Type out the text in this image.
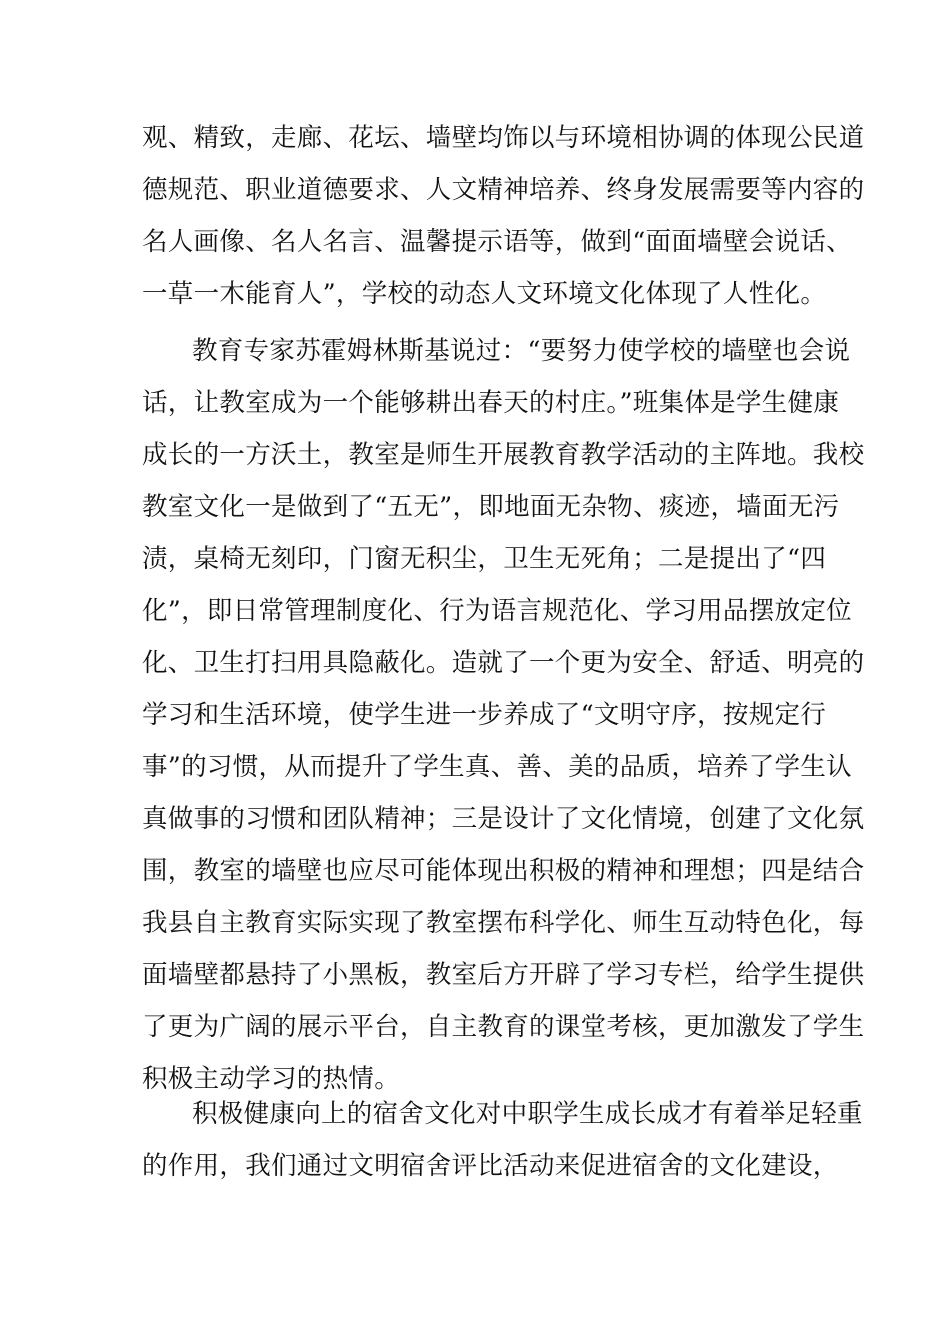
观、精致，走廊、花坛、墙壁均饰以与环境相协调的体现公民道
德规范、职业道德要求、人文精神培养、终身发展需要等内容的
名人画像、名人名言、温馨提示语等，做到“面面墙壁会说话、
一草一木能育人”，学校的动态人文环境文化体现了人性化。
教育专家苏霍姆林斯基说过：“要努力使学校的墙壁也会说
话，让教室成为一个能够耕出春天的村庄。”班集体是学生健康
成长的一方沃土，教室是师生开展教育教学活动的主阵地。我校
教室文化一是做到了“五无”，即地面无杂物、痰迹，墙面无污
渍，桌椅无刻印，门窗无积尘，卫生无死角；二是提出了“四
化”，即日常管理制度化、行为语言规范化、学习用品摆放定位
化、卫生打扫用具隐蔽化。造就了一个更为安全、舒适、明亮的
学习和生活环境，使学生进一步养成了“文明守序，按规定行
事”的习惯，从而提升了学生真、善、美的品质，培养了学生认
真做事的习惯和团队精神；三是设计了文化情境，创建了文化氛
围，教室的墙壁也应尽可能体现出积极的精神和理想；四是结合
我县自主教育实际实现了教室摆布科学化、师生互动特色化，每
面墙壁都悬持了小黑板，教室后方开辟了学习专栏，给学生提供
了更为广阔的展示平台，自主教育的课堂考核，更加激发了学生
积极主动学习的热情。
积极健康向上的宿舍文化对中职学生成长成才有着举足轻重
的作用，我们通过文明宿舍评比活动来促进宿舍的文化建设，
